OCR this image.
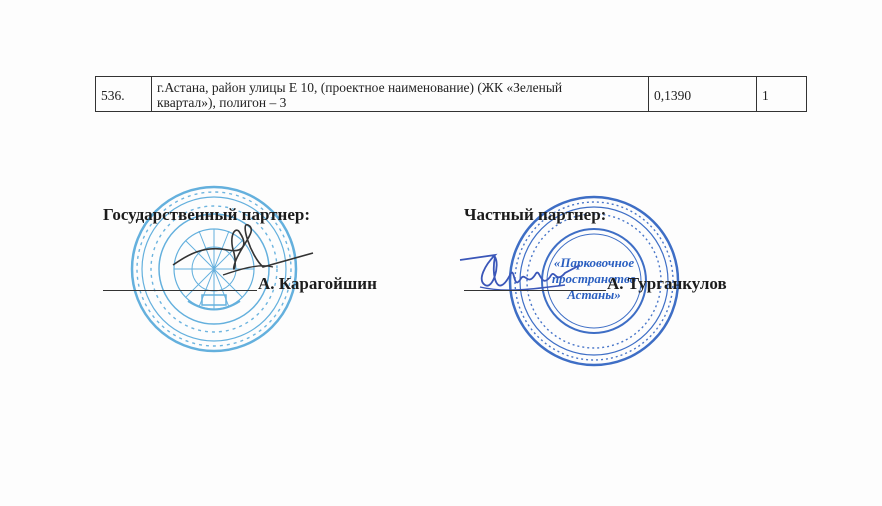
536.
г.Астана, район улицы Е 10, (проектное наименование) (ЖК «Зеленый
квартал»), полигон – 3	0,1390	1
Государственный партнер:
А. Карагойшин
«Парковочное
пространство
Астаны»
Частный партнер:
А. Турганкулов
